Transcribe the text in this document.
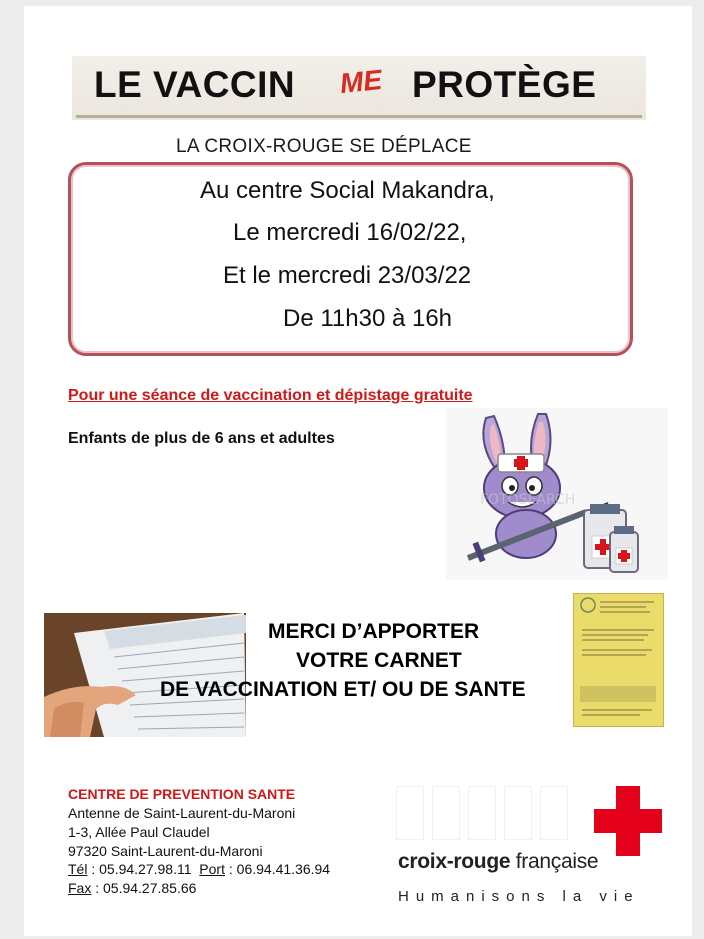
LE VACCIN ME PROTÈGE
LA CROIX-ROUGE SE DÉPLACE
Au centre Social Makandra,
Le mercredi 16/02/22,
Et le mercredi 23/03/22
De 11h30 à 16h
Pour une séance de vaccination et dépistage gratuite
Enfants de plus de 6 ans et adultes
FOTOSEARCH
MERCI D’APPORTER
VOTRE CARNET
DE VACCINATION ET/ OU DE SANTE
CENTRE DE PREVENTION SANTE
Antenne de Saint-Laurent-du-Maroni
1-3, Allée Paul Claudel
97320 Saint-Laurent-du-Maroni
Tél : 05.94.27.98.11 Port : 06.94.41.36.94
Fax : 05.94.27.85.66
croix-rouge française
Humanisons la vie
